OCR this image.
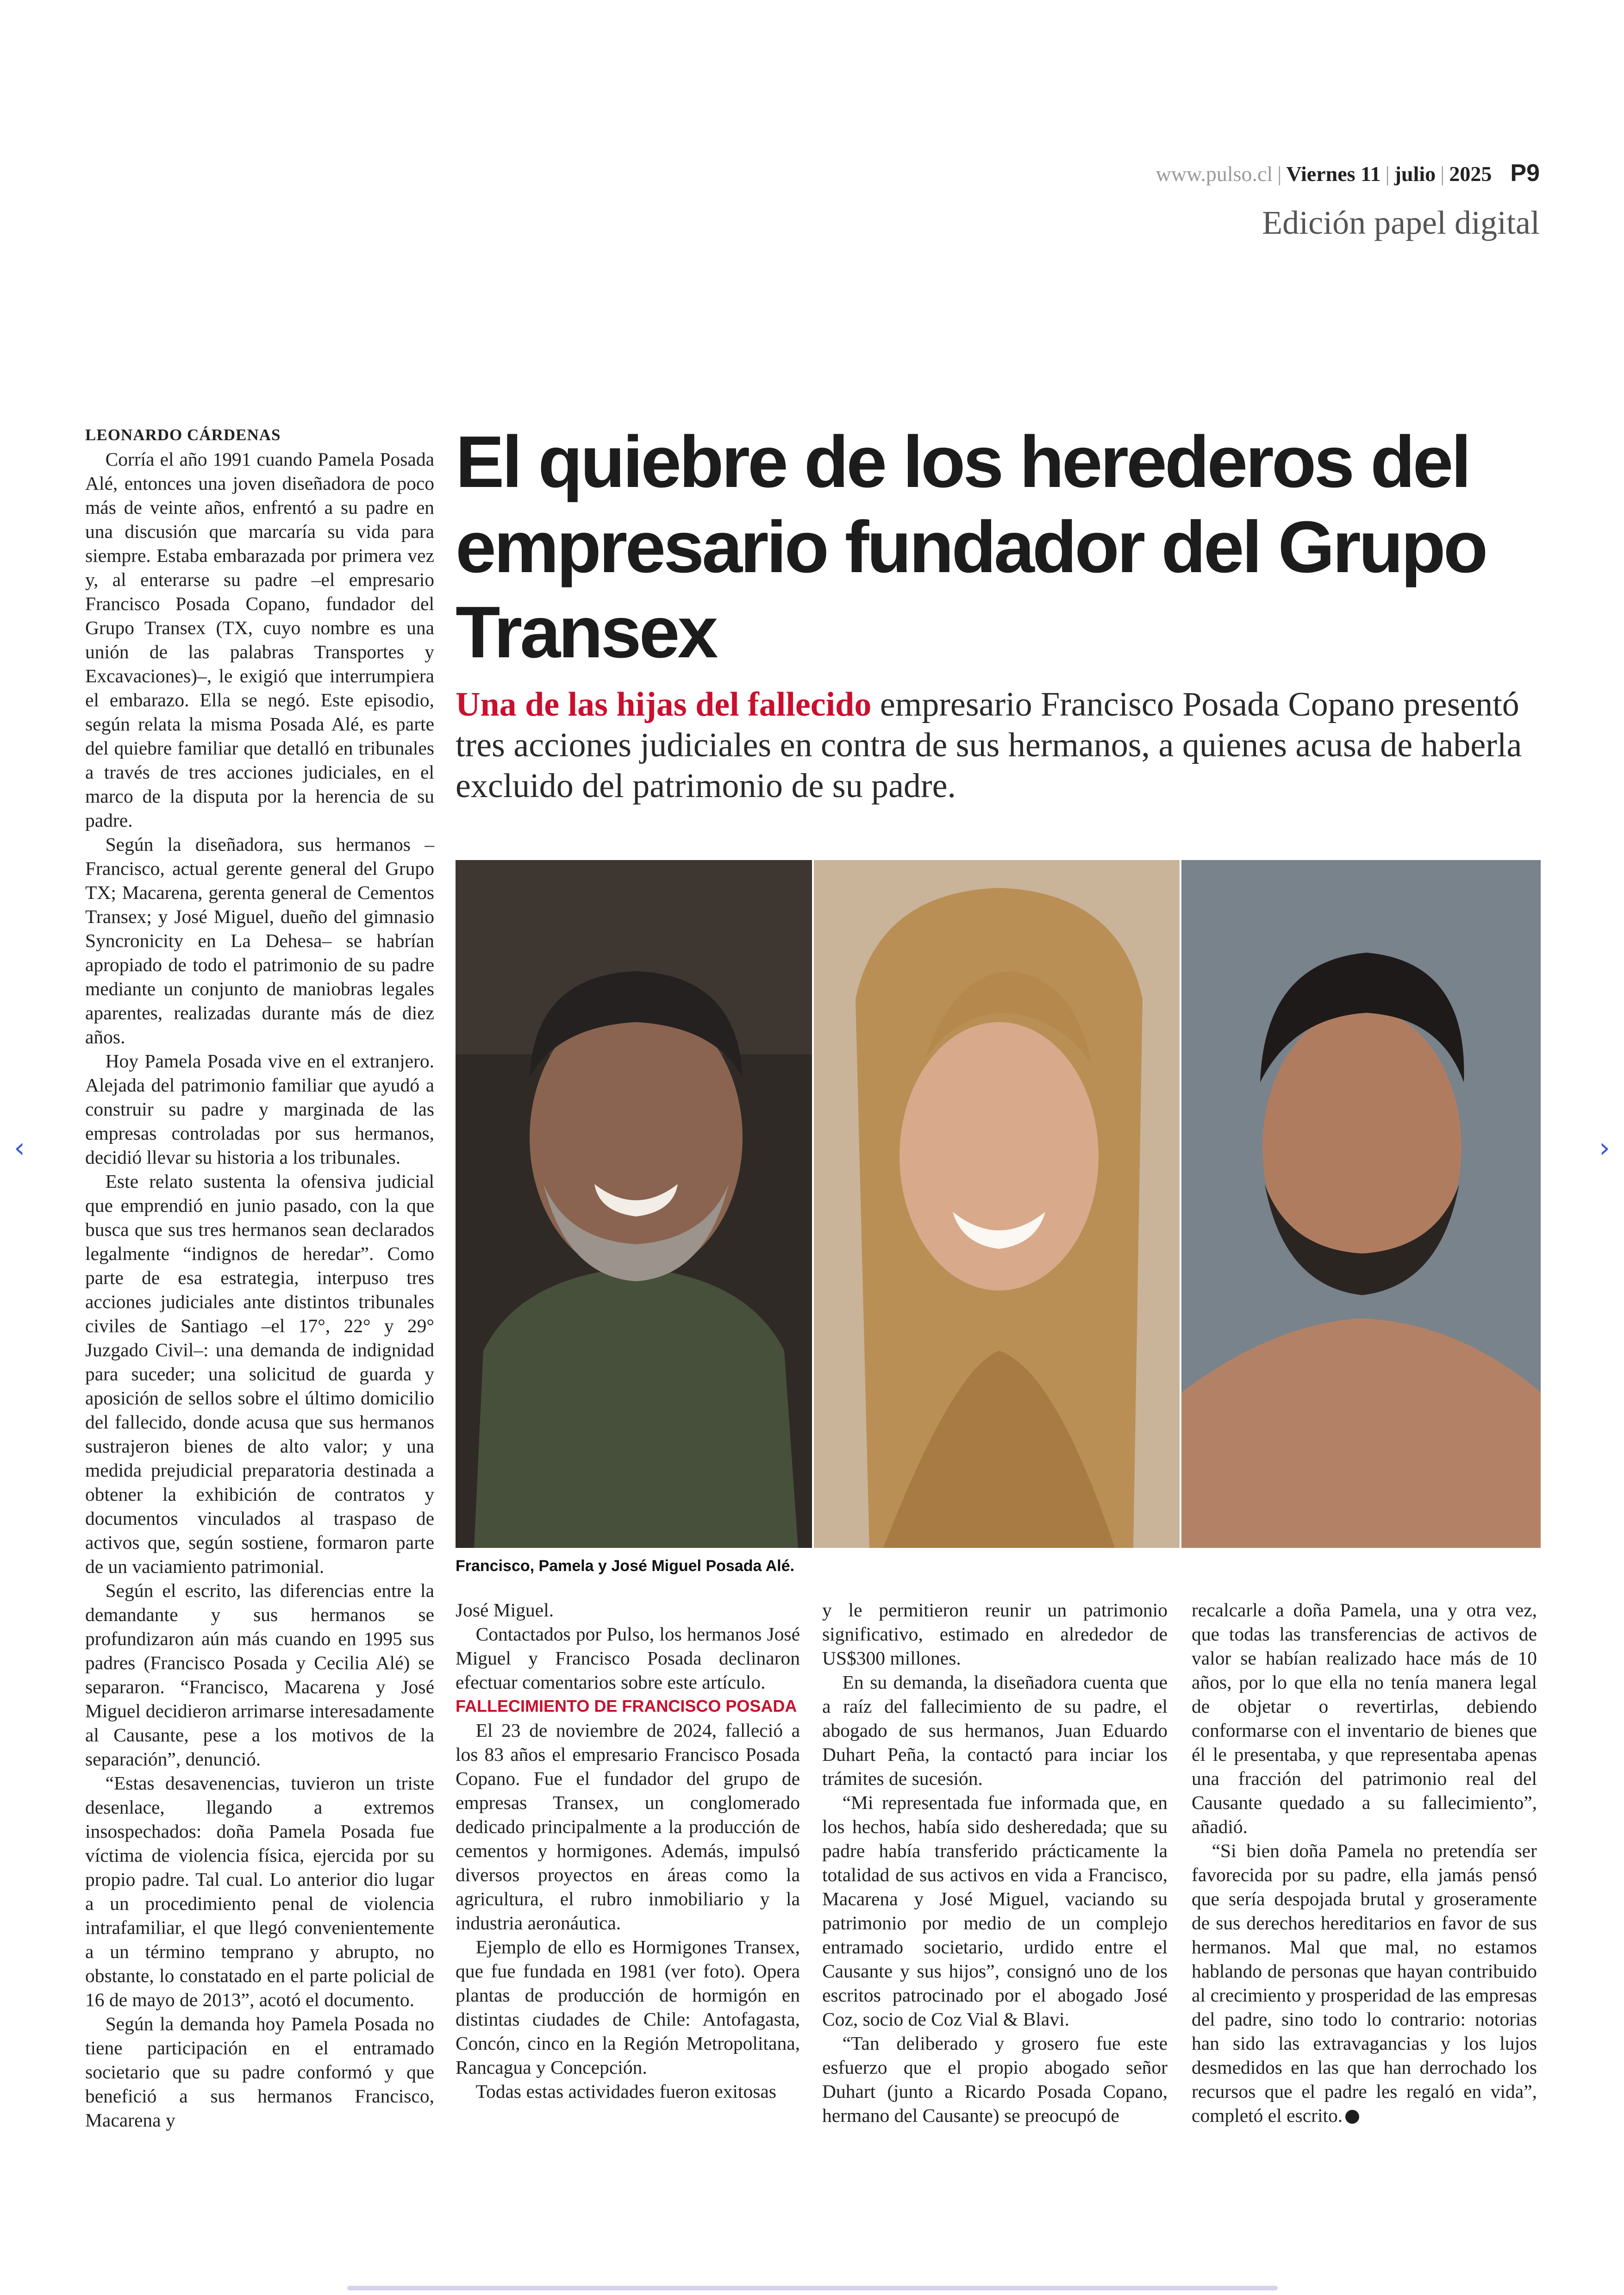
www.pulso.cl | Viernes 11 | julio | 2025 P9
Edición papel digital
El quiebre de los herederos del empresario fundador del Grupo Transex

Una de las hijas del fallecido empresario Francisco Posada Copano presentó tres acciones judiciales en contra de sus hermanos, a quienes acusa de haberla excluido del patrimonio de su padre.

Francisco, Pamela y José Miguel Posada Alé.

LEONARDO CÁRDENAS

Corría el año 1991 cuando Pamela Posada Alé, entonces una joven diseñadora de poco más de veinte años, enfrentó a su padre en una discusión que marcaría su vida para siempre. Estaba embarazada por primera vez y, al enterarse su padre –el empresario Francisco Posada Copano, fundador del Grupo Transex (TX, cuyo nombre es una unión de las palabras Transportes y Excavaciones)–, le exigió que interrumpiera el embarazo. Ella se negó. Este episodio, según relata la misma Posada Alé, es parte del quiebre familiar que detalló en tribunales a través de tres acciones judiciales, en el marco de la disputa por la herencia de su padre.

Según la diseñadora, sus hermanos –Francisco, actual gerente general del Grupo TX; Macarena, gerenta general de Cementos Transex; y José Miguel, dueño del gimnasio Syncronicity en La Dehesa– se habrían apropiado de todo el patrimonio de su padre mediante un conjunto de maniobras legales aparentes, realizadas durante más de diez años.

Hoy Pamela Posada vive en el extranjero. Alejada del patrimonio familiar que ayudó a construir su padre y marginada de las empresas controladas por sus hermanos, decidió llevar su historia a los tribunales.

Este relato sustenta la ofensiva judicial que emprendió en junio pasado, con la que busca que sus tres hermanos sean declarados legalmente “indignos de heredar”. Como parte de esa estrategia, interpuso tres acciones judiciales ante distintos tribunales civiles de Santiago –el 17°, 22° y 29° Juzgado Civil–: una demanda de indignidad para suceder; una solicitud de guarda y aposición de sellos sobre el último domicilio del fallecido, donde acusa que sus hermanos sustrajeron bienes de alto valor; y una medida prejudicial preparatoria destinada a obtener la exhibición de contratos y documentos vinculados al traspaso de activos que, según sostiene, formaron parte de un vaciamiento patrimonial.

Según el escrito, las diferencias entre la demandante y sus hermanos se profundizaron aún más cuando en 1995 sus padres (Francisco Posada y Cecilia Alé) se separaron. “Francisco, Macarena y José Miguel decidieron arrimarse interesadamente al Causante, pese a los motivos de la separación”, denunció.

“Estas desavenencias, tuvieron un triste desenlace, llegando a extremos insospechados: doña Pamela Posada fue víctima de violencia física, ejercida por su propio padre. Tal cual. Lo anterior dio lugar a un procedimiento penal de violencia intrafamiliar, el que llegó convenientemente a un término temprano y abrupto, no obstante, lo constatado en el parte policial de 16 de mayo de 2013”, acotó el documento.

Según la demanda hoy Pamela Posada no tiene participación en el entramado societario que su padre conformó y que benefició a sus hermanos Francisco, Macarena y

José Miguel.

Contactados por Pulso, los hermanos José Miguel y Francisco Posada declinaron efectuar comentarios sobre este artículo.

FALLECIMIENTO DE FRANCISCO POSADA

El 23 de noviembre de 2024, falleció a los 83 años el empresario Francisco Posada Copano. Fue el fundador del grupo de empresas Transex, un conglomerado dedicado principalmente a la producción de cementos y hormigones. Además, impulsó diversos proyectos en áreas como la agricultura, el rubro inmobiliario y la industria aeronáutica.

Ejemplo de ello es Hormigones Transex, que fue fundada en 1981 (ver foto). Opera plantas de producción de hormigón en distintas ciudades de Chile: Antofagasta, Concón, cinco en la Región Metropolitana, Rancagua y Concepción.

Todas estas actividades fueron exitosas

y le permitieron reunir un patrimonio significativo, estimado en alrededor de US$300 millones.

En su demanda, la diseñadora cuenta que a raíz del fallecimiento de su padre, el abogado de sus hermanos, Juan Eduardo Duhart Peña, la contactó para inciar los trámites de sucesión.

“Mi representada fue informada que, en los hechos, había sido desheredada; que su padre había transferido prácticamente la totalidad de sus activos en vida a Francisco, Macarena y José Miguel, vaciando su patrimonio por medio de un complejo entramado societario, urdido entre el Causante y sus hijos”, consignó uno de los escritos patrocinado por el abogado José Coz, socio de Coz Vial & Blavi.

“Tan deliberado y grosero fue este esfuerzo que el propio abogado señor Duhart (junto a Ricardo Posada Copano, hermano del Causante) se preocupó de

recalcarle a doña Pamela, una y otra vez, que todas las transferencias de activos de valor se habían realizado hace más de 10 años, por lo que ella no tenía manera legal de objetar o revertirlas, debiendo conformarse con el inventario de bienes que él le presentaba, y que representaba apenas una fracción del patrimonio real del Causante quedado a su fallecimiento”, añadió.

“Si bien doña Pamela no pretendía ser favorecida por su padre, ella jamás pensó que sería despojada brutal y groseramente de sus derechos hereditarios en favor de sus hermanos. Mal que mal, no estamos hablando de personas que hayan contribuido al crecimiento y prosperidad de las empresas del padre, sino todo lo contrario: notorias han sido las extravagancias y los lujos desmedidos en las que han derrochado los recursos que el padre les regaló en vida”, completó el escrito.

‹	›
